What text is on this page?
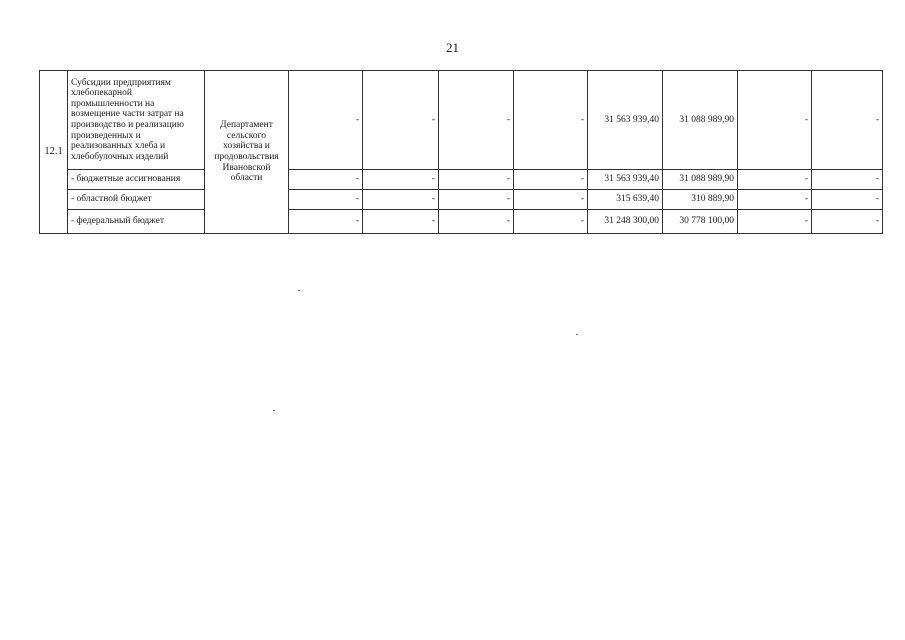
21
12.1	Субсидии предприятиям хлебопекарной промышленности на возмещение части затрат на производство и реализацию произведенных и реализованных хлеба и хлебобулочных изделий	Департамент сельского хозяйства и продовольствия Ивановской области	-	-	-	-	31 563 939,40	31 088 989,90	-	-
	- бюджетные ассигнования		-	-	-	-	31 563 939,40	31 088 989,90	-	-
	- областной бюджет		-	-	-	-	315 639,40	310 889,90	-	-
	- федеральный бюджет		-	-	-	-	31 248 300,00	30 778 100,00	-	-
